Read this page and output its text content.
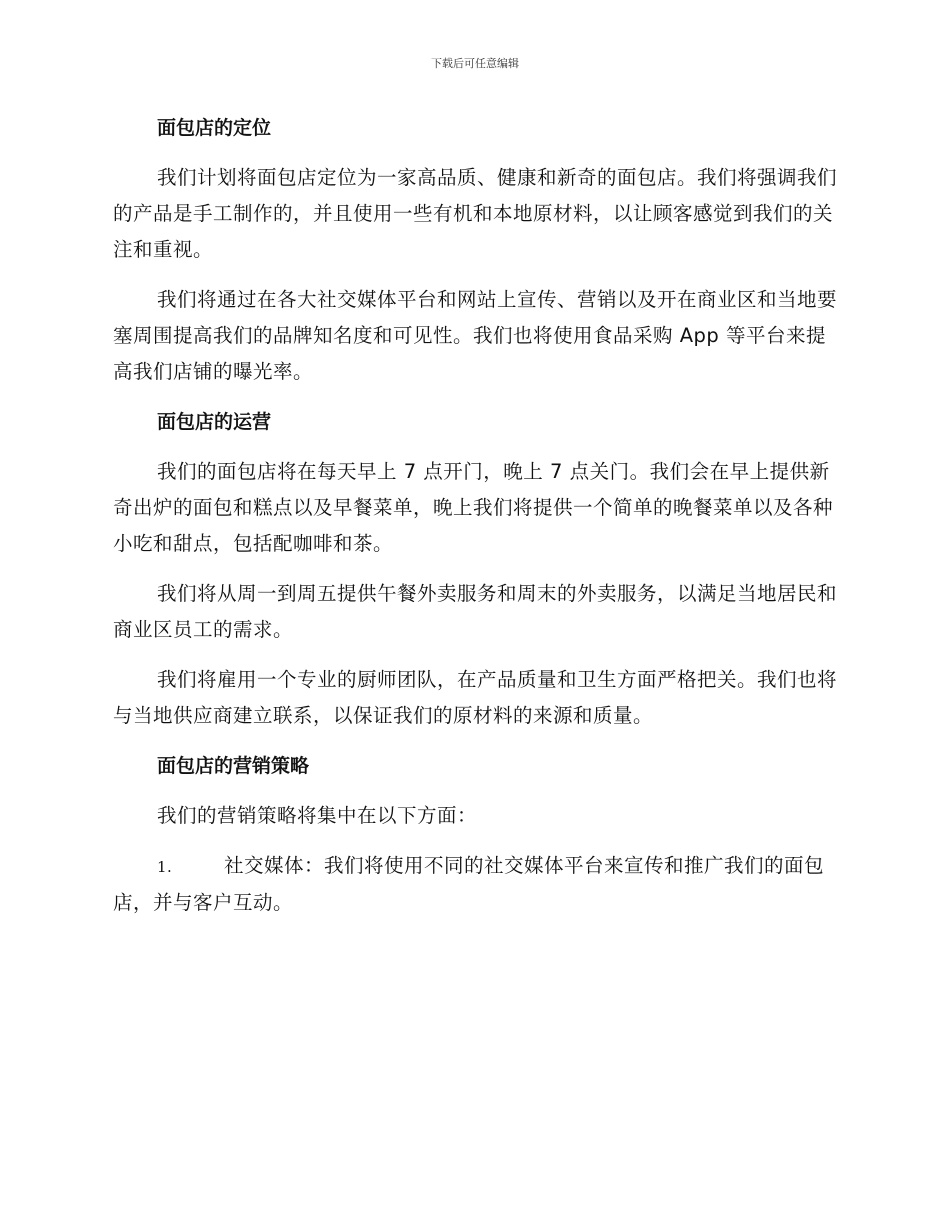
下载后可任意编辑
面包店的定位

我们计划将面包店定位为一家高品质、健康和新奇的面包店。我们将强调我们的产品是手工制作的，并且使用一些有机和本地原材料，以让顾客感觉到我们的关注和重视。

我们将通过在各大社交媒体平台和网站上宣传、营销以及开在商业区和当地要塞周围提高我们的品牌知名度和可见性。我们也将使用食品采购 App 等平台来提高我们店铺的曝光率。

面包店的运营

我们的面包店将在每天早上 7 点开门，晚上 7 点关门。我们会在早上提供新奇出炉的面包和糕点以及早餐菜单，晚上我们将提供一个简单的晚餐菜单以及各种小吃和甜点，包括配咖啡和茶。

我们将从周一到周五提供午餐外卖服务和周末的外卖服务，以满足当地居民和商业区员工的需求。

我们将雇用一个专业的厨师团队，在产品质量和卫生方面严格把关。我们也将与当地供应商建立联系，以保证我们的原材料的来源和质量。

面包店的营销策略

我们的营销策略将集中在以下方面：

1.	社交媒体：我们将使用不同的社交媒体平台来宣传和推广我们的面包店，并与客户互动。
